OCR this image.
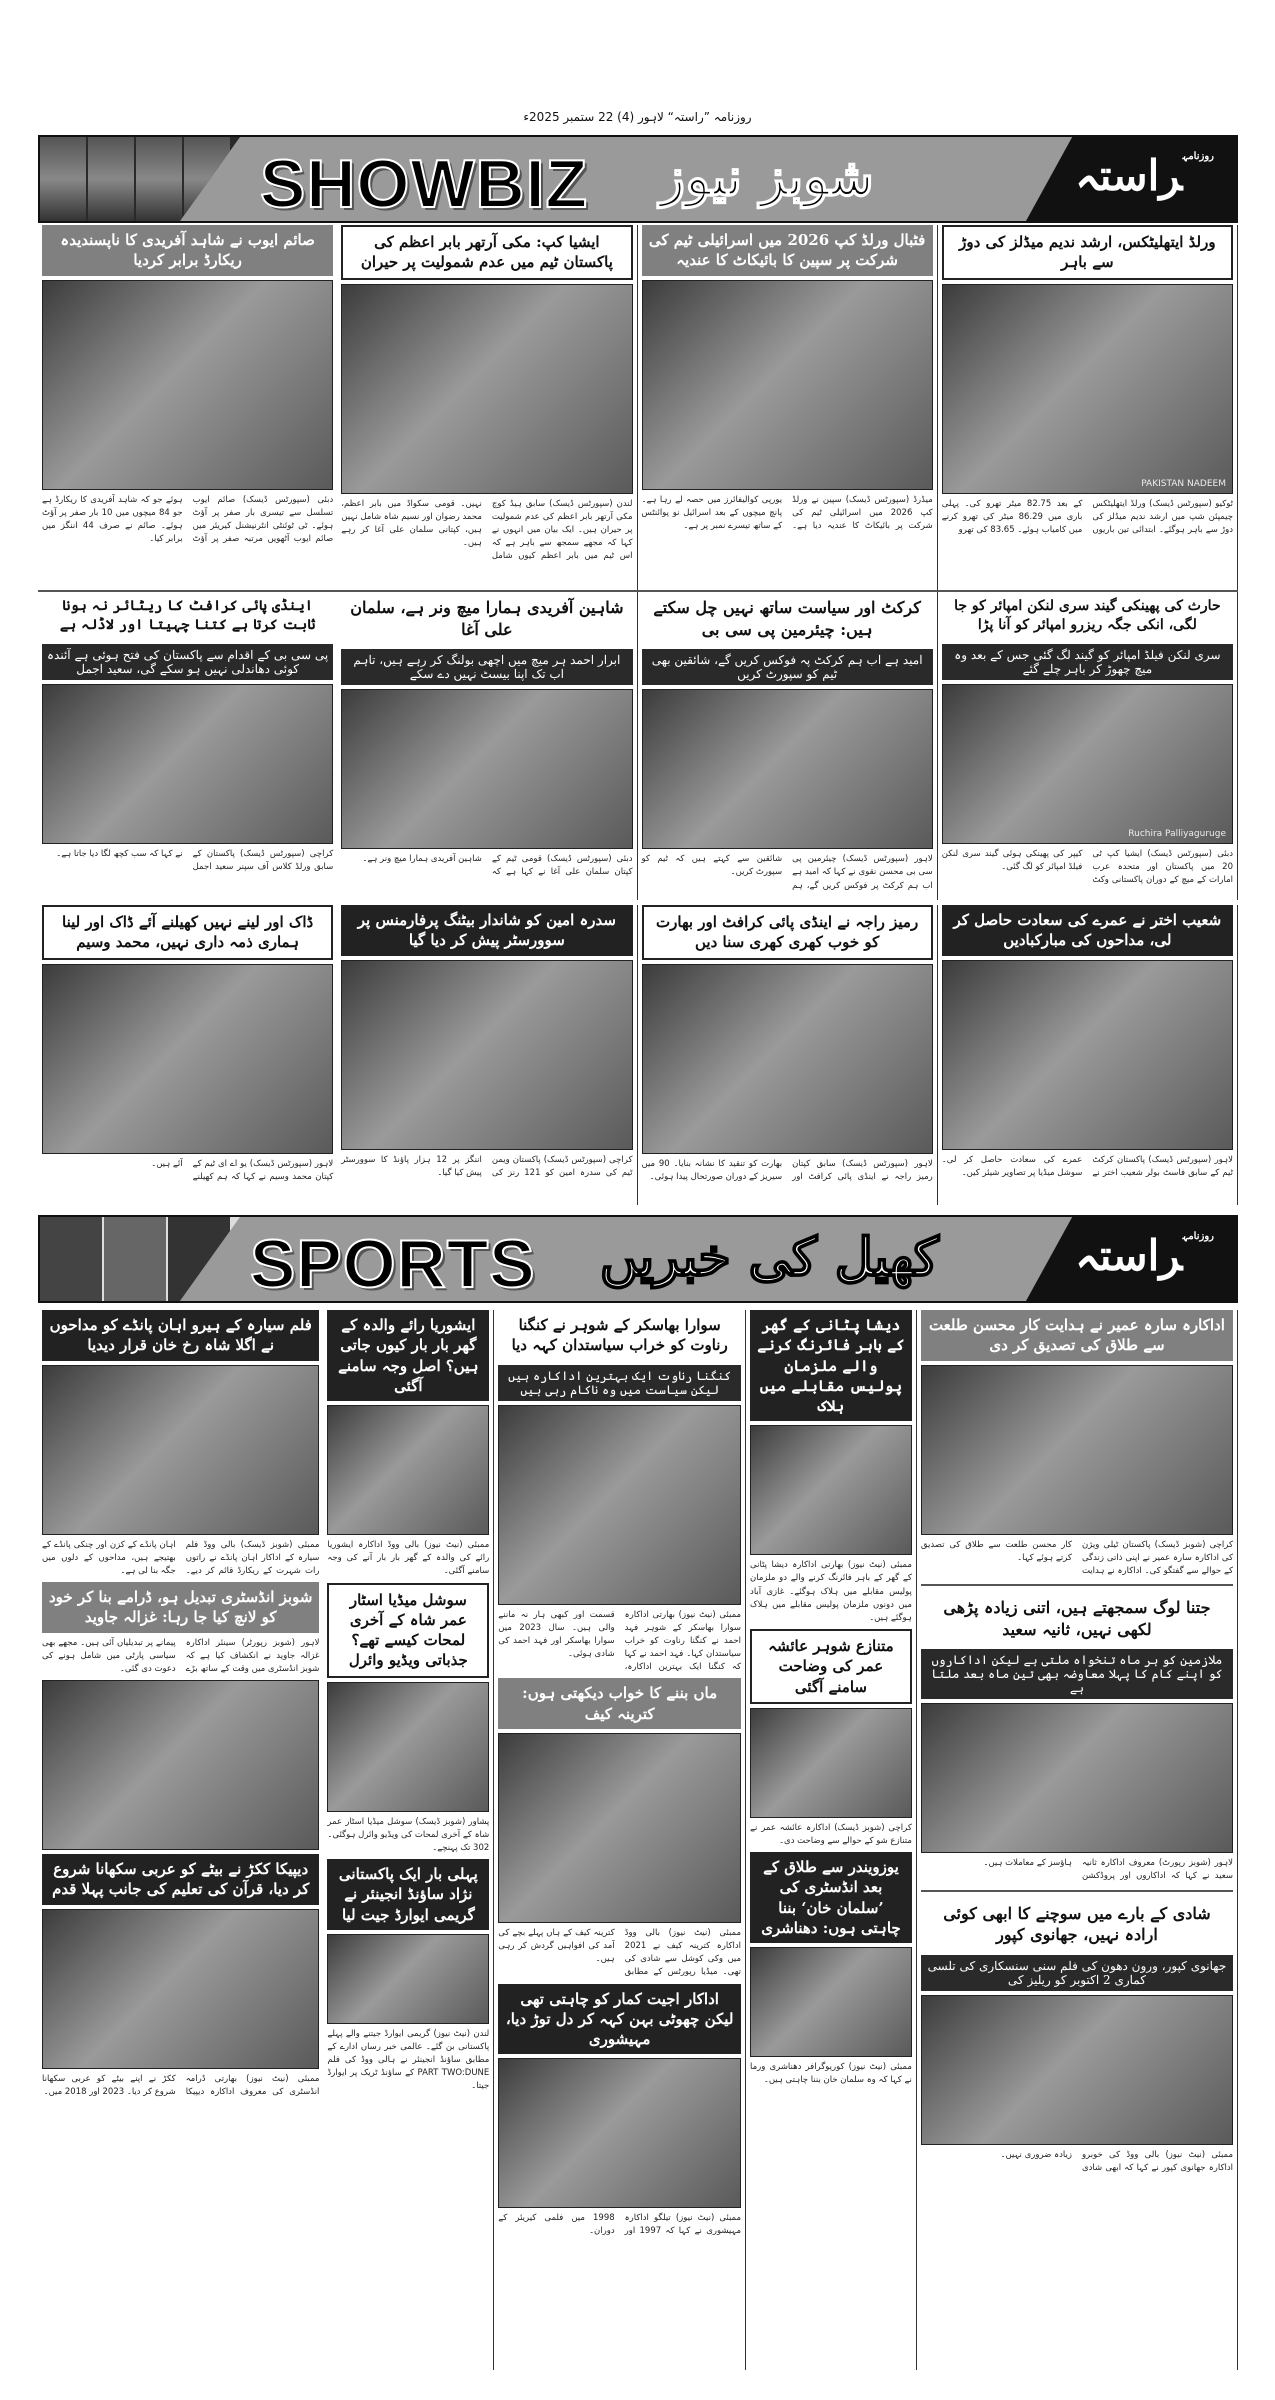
روزنامہ ”راستہ“ لاہور (4) 22 ستمبر 2025ء
SHOWBIZ شوبز نیوز	$^{روزنامہ}$راستہ
ورلڈ ایتھلیٹکس، ارشد ندیم میڈلز کی دوڑ سے باہر
PAKISTAN NADEEM
ٹوکیو (سپورٹس ڈیسک) ورلڈ ایتھلیٹکس چیمپئن شپ میں ارشد ندیم میڈلز کی دوڑ سے باہر ہوگئے۔ ابتدائی تین باریوں کے بعد 82.75 میٹر تھرو کی۔ پہلی باری میں 86.29 میٹر کی تھرو کرنے میں کامیاب ہوئے۔ 83.65 کی تھرو
فٹبال ورلڈ کپ 2026 میں اسرائیلی ٹیم کی شرکت پر سپین کا بائیکاٹ کا عندیہ
میڈرڈ (سپورٹس ڈیسک) سپین نے ورلڈ کپ 2026 میں اسرائیلی ٹیم کی شرکت پر بائیکاٹ کا عندیہ دیا ہے۔ یورپی کوالیفائرز میں حصہ لے رہا ہے۔ پانچ میچوں کے بعد اسرائیل نو پوائنٹس کے ساتھ تیسرے نمبر پر ہے۔
ایشیا کپ: مکی آرتھر بابر اعظم کی پاکستان ٹیم میں عدم شمولیت پر حیران
لندن (سپورٹس ڈیسک) سابق ہیڈ کوچ مکی آرتھر بابر اعظم کی عدم شمولیت پر حیران ہیں۔ ایک بیان میں انہوں نے کہا کہ مجھے سمجھ سے باہر ہے کہ اس ٹیم میں بابر اعظم کیوں شامل نہیں۔ قومی سکواڈ میں بابر اعظم، محمد رضوان اور نسیم شاہ شامل نہیں ہیں، کپتانی سلمان علی آغا کر رہے ہیں۔
صائم ایوب نے شاہد آفریدی کا ناپسندیدہ ریکارڈ برابر کردیا
دبئی (سپورٹس ڈیسک) صائم ایوب تسلسل سے تیسری بار صفر پر آؤٹ ہوئے۔ ٹی ٹوئنٹی انٹرنیشنل کیریئر میں صائم ایوب آٹھویں مرتبہ صفر پر آؤٹ ہوئے جو کہ شاہد آفریدی کا ریکارڈ ہے جو 84 میچوں میں 10 بار صفر پر آؤٹ ہوئے۔ صائم نے صرف 44 اننگز میں برابر کیا۔
حارث کی پھینکی گیند سری لنکن امپائر کو جا لگی، انکی جگہ ریزرو امپائر کو آنا پڑا
سری لنکن فیلڈ امپائر کو گیند لگ گئی جس کے بعد وہ میچ چھوڑ کر باہر چلے گئے
Ruchira Palliyaguruge
دبئی (سپورٹس ڈیسک) ایشیا کپ ٹی 20 میں پاکستان اور متحدہ عرب امارات کے میچ کے دوران پاکستانی وکٹ کیپر کی پھینکی ہوئی گیند سری لنکن فیلڈ امپائر کو لگ گئی۔
کرکٹ اور سیاست ساتھ نہیں چل سکتے ہیں: چیئرمین پی سی بی
امید ہے اب ہم کرکٹ پہ فوکس کریں گے، شائقین بھی ٹیم کو سپورٹ کریں
لاہور (سپورٹس ڈیسک) چیئرمین پی سی بی محسن نقوی نے کہا کہ امید ہے اب ہم کرکٹ پر فوکس کریں گے، ہم شائقین سے کہتے ہیں کہ ٹیم کو سپورٹ کریں۔
شاہین آفریدی ہمارا میچ ونر ہے، سلمان علی آغا
ابرار احمد ہر میچ میں اچھی بولنگ کر رہے ہیں، تاہم اب تک اپنا بیسٹ نہیں دے سکے
دبئی (سپورٹس ڈیسک) قومی ٹیم کے کپتان سلمان علی آغا نے کہا ہے کہ شاہین آفریدی ہمارا میچ ونر ہے۔
اینڈی پائی کرافٹ کا ریٹائر نہ ہونا ثابت کرتا ہے کتنا چہیتا اور لاڈلہ ہے
پی سی بی کے اقدام سے پاکستان کی فتح ہوئی ہے آئندہ کوئی دھاندلی نہیں ہو سکے گی، سعید اجمل
کراچی (سپورٹس ڈیسک) پاکستان کے سابق ورلڈ کلاس آف سپنر سعید اجمل نے کہا کہ سب کچھ لگا دیا جاتا ہے۔
شعیب اختر نے عمرے کی سعادت حاصل کر لی، مداحوں کی مبارکبادیں
لاہور (سپورٹس ڈیسک) پاکستان کرکٹ ٹیم کے سابق فاسٹ بولر شعیب اختر نے عمرے کی سعادت حاصل کر لی۔ سوشل میڈیا پر تصاویر شیئر کیں۔
رمیز راجہ نے اینڈی پائی کرافٹ اور بھارت کو خوب کھری کھری سنا دیں
لاہور (سپورٹس ڈیسک) سابق کپتان رمیز راجہ نے اینڈی پائی کرافٹ اور بھارت کو تنقید کا نشانہ بنایا۔ 90 میں سیریز کے دوران صورتحال پیدا ہوئی۔
سدرہ امین کو شاندار بیٹنگ پرفارمنس پر سوورسٹر پیش کر دیا گیا
کراچی (سپورٹس ڈیسک) پاکستان ویمن ٹیم کی سدرہ امین کو 121 رنز کی اننگز پر 12 ہزار پاؤنڈ کا سوورسٹر پیش کیا گیا۔
ڈاک اور لینے نہیں کھیلنے آئے ڈاک اور لینا ہماری ذمہ داری نہیں، محمد وسیم
لاہور (سپورٹس ڈیسک) یو اے ای ٹیم کے کپتان محمد وسیم نے کہا کہ ہم کھیلنے آئے ہیں۔
SPORTS کھیل کی خبریں	$^{روزنامہ}$راستہ
اداکارہ سارہ عمیر نے ہدایت کار محسن طلعت سے طلاق کی تصدیق کر دی
کراچی (شوبز ڈیسک) پاکستان ٹیلی ویژن کی اداکارہ سارہ عمیر نے اپنی ذاتی زندگی کے حوالے سے گفتگو کی۔ اداکارہ نے ہدایت کار محسن طلعت سے طلاق کی تصدیق کرتے ہوئے کہا۔
جتنا لوگ سمجھتے ہیں، اتنی زیادہ پڑھی لکھی نہیں، ثانیہ سعید
ملازمین کو ہر ماہ تنخواہ ملتی ہے لیکن اداکاروں کو اپنے کام کا پہلا معاوضہ بھی تین ماہ بعد ملتا ہے
لاہور (شوبز رپورٹ) معروف اداکارہ ثانیہ سعید نے کہا کہ اداکاروں اور پروڈکشن ہاؤسز کے معاملات ہیں۔
شادی کے بارے میں سوچنے کا ابھی کوئی ارادہ نہیں، جھانوی کپور
جھانوی کپور، ورون دھون کی فلم سنی سنسکاری کی تلسی کماری 2 اکتوبر کو ریلیز کی
ممبئی (نیٹ نیوز) بالی ووڈ کی خوبرو اداکارہ جھانوی کپور نے کہا کہ ابھی شادی زیادہ ضروری نہیں۔
دیشا پٹانی کے گھر کے باہر فائرنگ کرنے والے ملزمان پولیس مقابلے میں ہلاک
ممبئی (نیٹ نیوز) بھارتی اداکارہ دیشا پٹانی کے گھر کے باہر فائرنگ کرنے والے دو ملزمان پولیس مقابلے میں ہلاک ہوگئے۔ غازی آباد میں دونوں ملزمان پولیس مقابلے میں ہلاک ہوگئے ہیں۔
متنازع شوہر عائشہ عمر کی وضاحت سامنے آگئی
کراچی (شوبز ڈیسک) اداکارہ عائشہ عمر نے متنازع شو کے حوالے سے وضاحت دی۔
یوزویندر سے طلاق کے بعد انڈسٹری کی ’سلمان خان‘ بننا چاہتی ہوں: دھناشری
ممبئی (نیٹ نیوز) کوریوگرافر دھناشری ورما نے کہا کہ وہ سلمان خان بننا چاہتی ہیں۔
سوارا بھاسکر کے شوہر نے کنگنا رناوت کو خراب سیاستدان کہہ دیا
کنگنا رناوت ایک بہترین اداکارہ ہیں لیکن سیاست میں وہ ناکام رہی ہیں
ممبئی (نیٹ نیوز) بھارتی اداکارہ سوارا بھاسکر کے شوہر فہد احمد نے کنگنا رناوت کو خراب سیاستدان کہا۔ فہد احمد نے کہا کہ کنگنا ایک بہترین اداکارہ، قسمت اور کبھی ہار نہ ماننے والی ہیں۔ سال 2023 میں سوارا بھاسکر اور فہد احمد کی شادی ہوئی۔
ماں بننے کا خواب دیکھتی ہوں: کترینہ کیف
ممبئی (نیٹ نیوز) بالی ووڈ اداکارہ کترینہ کیف نے 2021 میں وکی کوشل سے شادی کی تھی۔ میڈیا رپورٹس کے مطابق کترینہ کیف کے ہاں پہلے بچے کی آمد کی افواہیں گردش کر رہی ہیں۔
اداکار اجیت کمار کو چاہتی تھی لیکن چھوٹی بہن کہہ کر دل توڑ دیا، مہیشوری
ممبئی (نیٹ نیوز) تیلگو اداکارہ مہیشوری نے کہا کہ 1997 اور 1998 میں فلمی کیریئر کے دوران۔
ایشوریا رائے والدہ کے گھر بار بار کیوں جاتی ہیں؟ اصل وجہ سامنے آگئی
ممبئی (نیٹ نیوز) بالی ووڈ اداکارہ ایشوریا رائے کی والدہ کے گھر بار بار آنے کی وجہ سامنے آگئی۔
سوشل میڈیا اسٹار عمر شاہ کے آخری لمحات کیسے تھے؟ جذباتی ویڈیو وائرل
پشاور (شوبز ڈیسک) سوشل میڈیا اسٹار عمر شاہ کے آخری لمحات کی ویڈیو وائرل ہوگئی۔ 302 تک پہنچے۔
پہلی بار ایک پاکستانی نژاد ساؤنڈ انجینئر نے گریمی ایوارڈ جیت لیا
لندن (نیٹ نیوز) گریمی ایوارڈ جیتنے والے پہلے پاکستانی بن گئے۔ عالمی خبر رساں ادارے کے مطابق ساؤنڈ انجینئر نے ہالی ووڈ کی فلم PART TWO:DUNE کے ساؤنڈ ٹریک پر ایوارڈ جیتا۔
فلم سیارہ کے ہیرو اہان پانڈے کو مداحوں نے اگلا شاہ رخ خان قرار دیدیا
ممبئی (شوبز ڈیسک) بالی ووڈ فلم سیارہ کے اداکار اہان پانڈے نے راتوں رات شہرت کے ریکارڈ قائم کر دیے۔ اہان پانڈے کے کزن اور چنکی پانڈے کے بھتیجے ہیں، مداحوں کے دلوں میں جگہ بنا لی ہے۔
شوبز انڈسٹری تبدیل ہو، ڈرامے بنا کر خود کو لانچ کیا جا رہا: غزالہ جاوید
لاہور (شوبز رپورٹر) سینئر اداکارہ غزالہ جاوید نے انکشاف کیا ہے کہ شوبز انڈسٹری میں وقت کے ساتھ بڑے پیمانے پر تبدیلیاں آئی ہیں۔ مجھے بھی سیاسی پارٹی میں شامل ہونے کی دعوت دی گئی۔
دیپیکا ککڑ نے بیٹے کو عربی سکھانا شروع کر دیا، قرآن کی تعلیم کی جانب پہلا قدم
ممبئی (نیٹ نیوز) بھارتی ڈرامہ انڈسٹری کی معروف اداکارہ دیپیکا ککڑ نے اپنے بیٹے کو عربی سکھانا شروع کر دیا۔ 2023 اور 2018 میں۔
